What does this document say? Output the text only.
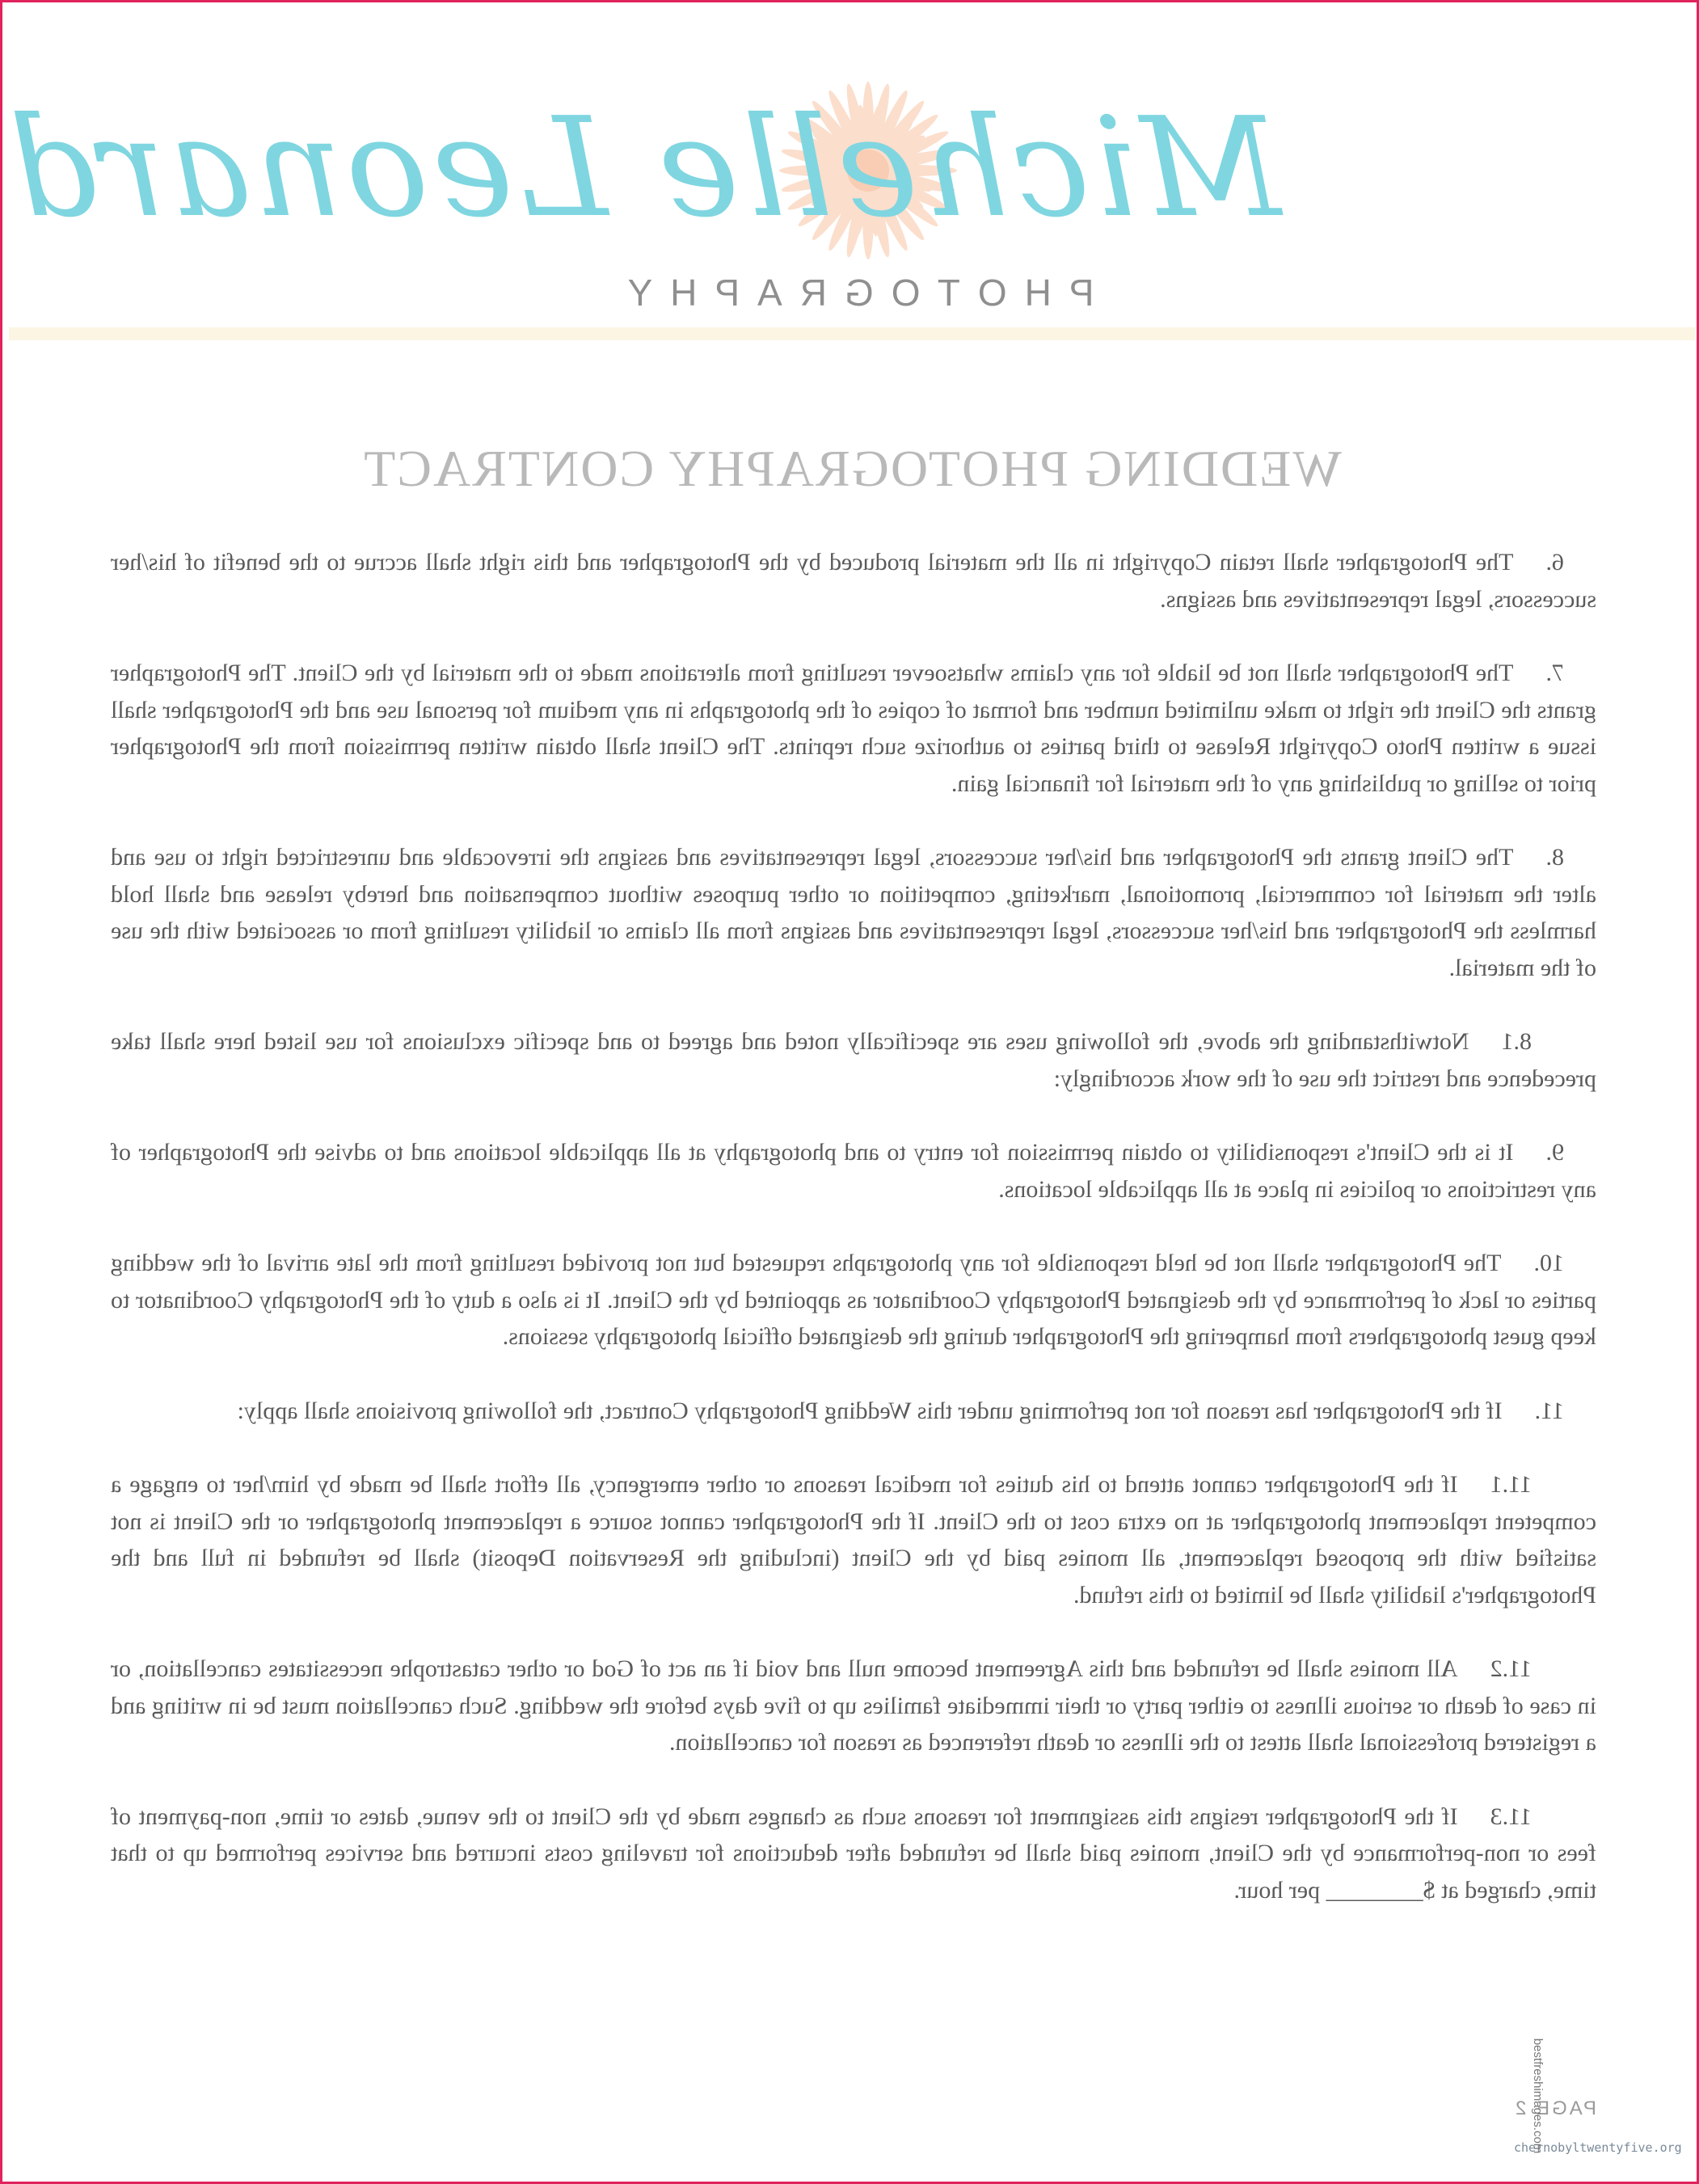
Michelle Leonard
PHOTOGRAPHY
WEDDING PHOTOGRAPHY CONTRACT

6.The Photographer shall retain Copyright in all the material produced by the Photographer and this right shall accrue to the benefit of his/her successors, legal representatives and assigns.

7.The Photographer shall not be liable for any claims whatsoever resulting from alterations made to the material by the Client. The Photographer grants the Client the right to make unlimited number and format of copies of the photographs in any medium for personal use and the Photographer shall issue a written Photo Copyright Release to third parties to authorize such reprints. The Client shall obtain written permission from the Photographer prior to selling or publishing any of the material for financial gain.

8.The Client grants the Photographer and his/her successors, legal representatives and assigns the irrevocable and unrestricted right to use and alter the material for commercial, promotional, marketing, competition or other purposes without compensation and hereby release and shall hold harmless the Photographer and his/her successors, legal representatives and assigns from all claims or liability resulting from or associated with the use of the material.

8.1Notwithstanding the above, the following uses are specifically noted and agreed to and specific exclusions for use listed here shall take precedence and restrict the use of the work accordingly:

9.It is the Client's responsibility to obtain permission for entry to and photography at all applicable locations and to advise the Photographer of any restrictions or policies in place at all applicable locations.

10.The Photographer shall not be held responsible for any photographs requested but not provided resulting from the late arrival of the wedding parties or lack of performance by the designated Photography Coordinator as appointed by the Client. It is also a duty of the Photography Coordinator to keep guest photographers from hampering the Photographer during the designated official photography sessions.

11.If the Photographer has reason for not performing under this Wedding Photography Contract, the following provisions shall apply:

11.1If the Photographer cannot attend to his duties for medical reasons or other emergency, all effort shall be made by him/her to engage a competent replacement photographer at no extra cost to the Client. If the Photographer cannot source a replacement photographer or the Client is not satisfied with the proposed replacement, all monies paid by the Client (including the Reservation Deposit) shall be refunded in full and the Photographer's liability shall be limited to this refund.

11.2All monies shall be refunded and this Agreement become null and void if an act of God or other catastrophe necessitates cancellation, or in case of death or serious illness to either party or their immediate families up to five days before the wedding. Such cancellation must be in writing and a registered professional shall attest to the illness or death referenced as reason for cancellation.

11.3If the Photographer resigns this assignment for reasons such as changes made by the Client to the venue, dates or time, non-payment of fees or non-performance by the Client, monies paid shall be refunded after deductions for traveling costs incurred and services performed up to that time, charged at $________ per hour.

PAGE 2
chernobyltwentyfive.org
bestfreshimages.com
